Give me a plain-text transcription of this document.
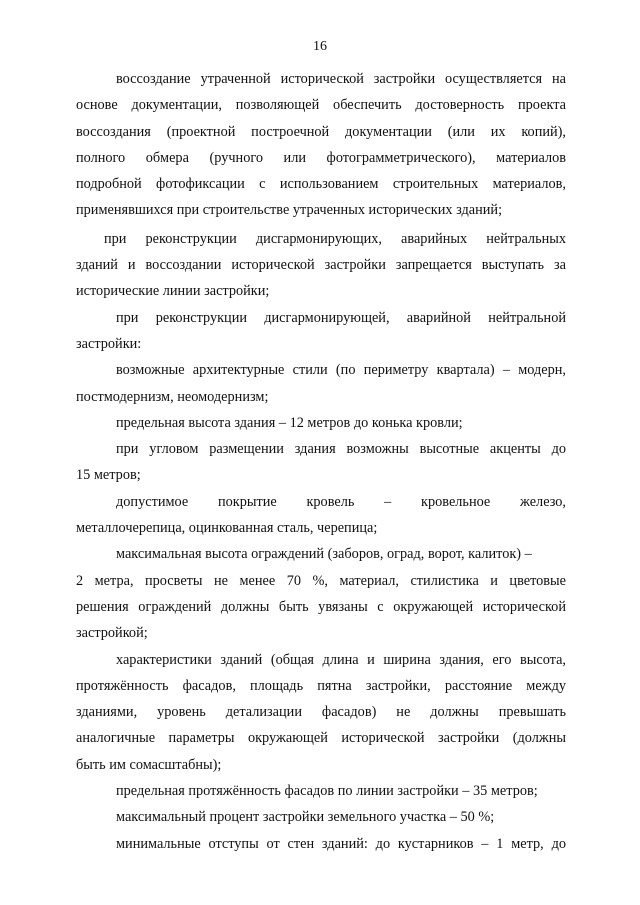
16
воссоздание утраченной исторической застройки осуществляется на
основе документации, позволяющей обеспечить достоверность проекта
воссоздания (проектной построечной документации (или их копий),
полного обмера (ручного или фотограмметрического), материалов
подробной фотофиксации с использованием строительных материалов,
применявшихся при строительстве утраченных исторических зданий;
при реконструкции дисгармонирующих, аварийных нейтральных
зданий и воссоздании исторической застройки запрещается выступать за
исторические линии застройки;
при реконструкции дисгармонирующей, аварийной нейтральной
застройки:
возможные архитектурные стили (по периметру квартала) – модерн,
постмодернизм, неомодернизм;
предельная высота здания – 12 метров до конька кровли;
при угловом размещении здания возможны высотные акценты до
15 метров;
допустимое покрытие кровель – кровельное железо,
металлочерепица, оцинкованная сталь, черепица;
максимальная высота ограждений (заборов, оград, ворот, калиток) –
2 метра, просветы не менее 70 %, материал, стилистика и цветовые
решения ограждений должны быть увязаны с окружающей исторической
застройкой;
характеристики зданий (общая длина и ширина здания, его высота,
протяжённость фасадов, площадь пятна застройки, расстояние между
зданиями, уровень детализации фасадов) не должны превышать
аналогичные параметры окружающей исторической застройки (должны
быть им сомасштабны);
предельная протяжённость фасадов по линии застройки – 35 метров;
максимальный процент застройки земельного участка – 50 %;
минимальные отступы от стен зданий: до кустарников – 1 метр, до
